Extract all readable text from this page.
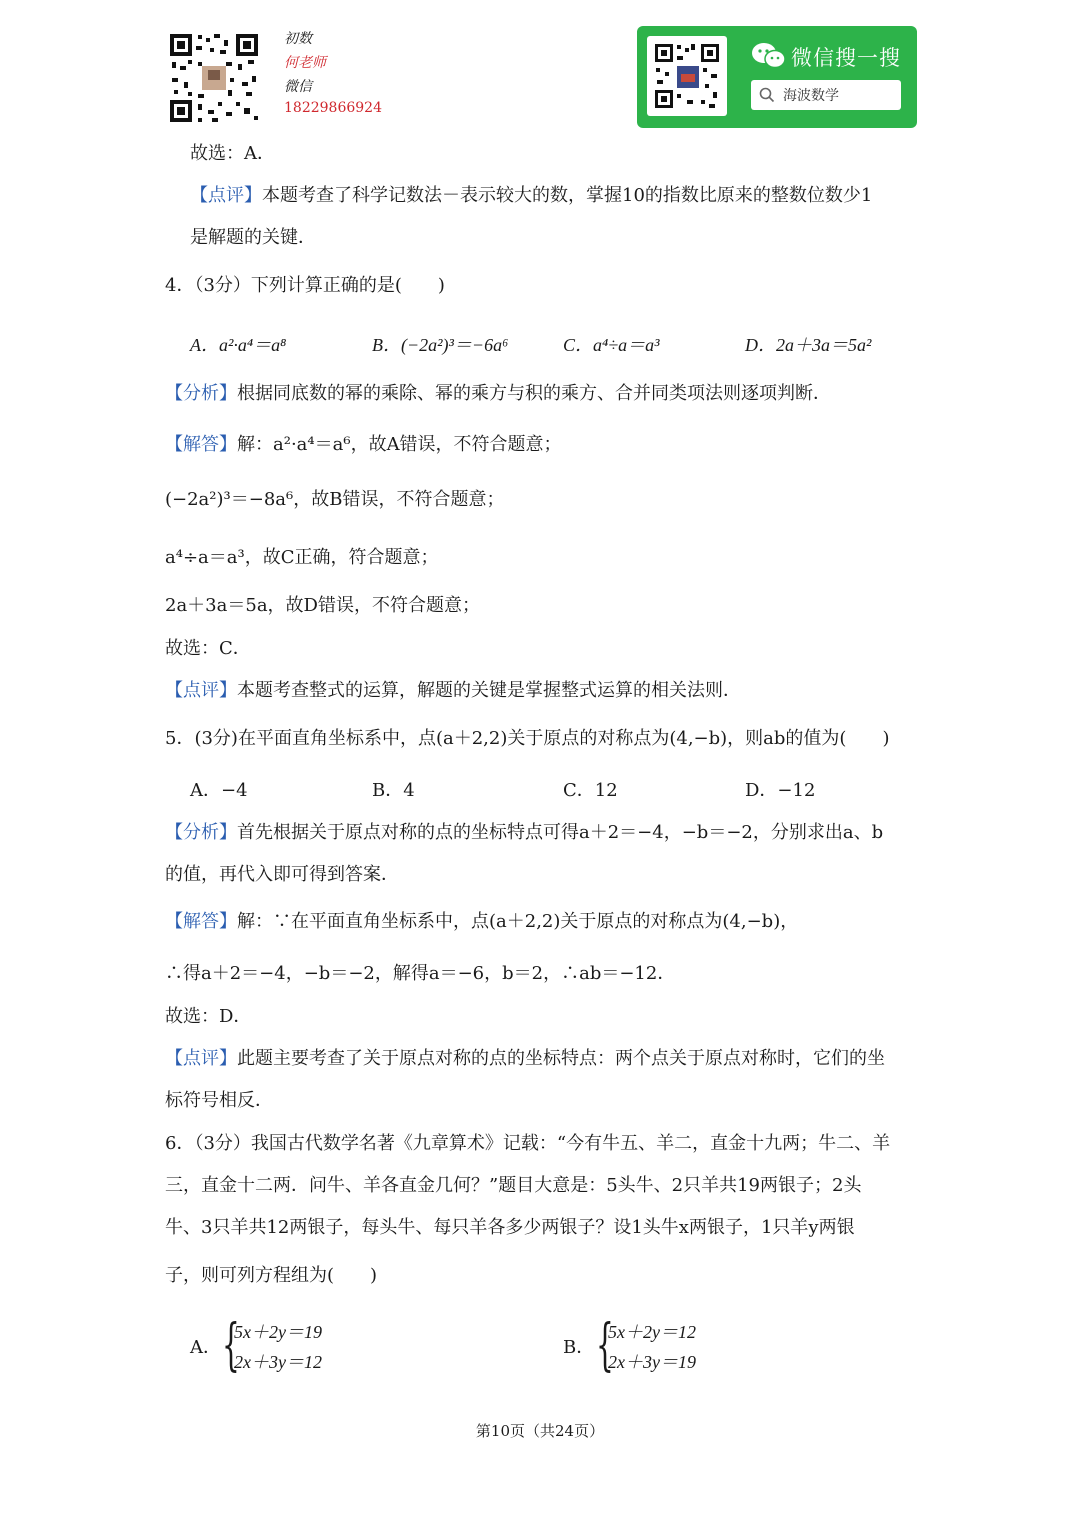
初数
何老师
微信
18229866924
微信搜一搜
海波数学
故选：A．
【点评】本题考查了科学记数法－表示较大的数，掌握10的指数比原来的整数位数少1
是解题的关键．
4．（3分）下列计算正确的是(　　)
A．a²·a⁴＝a⁸	B．(−2a²)³＝−6a⁶	C．a⁴÷a＝a³	D．2a＋3a＝5a²
【分析】根据同底数的幂的乘除、幂的乘方与积的乘方、合并同类项法则逐项判断．
【解答】解：a²·a⁴＝a⁶，故A错误，不符合题意；
(−2a²)³＝−8a⁶，故B错误，不符合题意；
a⁴÷a＝a³，故C正确，符合题意；
2a＋3a＝5a，故D错误，不符合题意；
故选：C．
【点评】本题考查整式的运算，解题的关键是掌握整式运算的相关法则．
5．(3分)在平面直角坐标系中，点(a＋2,2)关于原点的对称点为(4,−b)，则ab的值为(　　)
A．−4	B．4	C．12	D．−12
【分析】首先根据关于原点对称的点的坐标特点可得a＋2＝−4，−b＝−2，分别求出a、b
的值，再代入即可得到答案．
【解答】解：∵在平面直角坐标系中，点(a＋2,2)关于原点的对称点为(4,−b)，
∴得a＋2＝−4，−b＝−2，解得a＝−6，b＝2，∴ab＝−12．
故选：D．
【点评】此题主要考查了关于原点对称的点的坐标特点：两个点关于原点对称时，它们的坐
标符号相反．
6．（3分）我国古代数学名著《九章算术》记载：“今有牛五、羊二，直金十九两；牛二、羊
三，直金十二两．问牛、羊各直金几何？”题目大意是：5头牛、2只羊共19两银子；2头
牛、3只羊共12两银子，每头牛、每只羊各多少两银子？设1头牛x两银子，1只羊y两银
子，则可列方程组为(　　)
A． {
5x＋2y＝19
2x＋3y＝12
B． {
5x＋2y＝12
2x＋3y＝19
第10页（共24页）
